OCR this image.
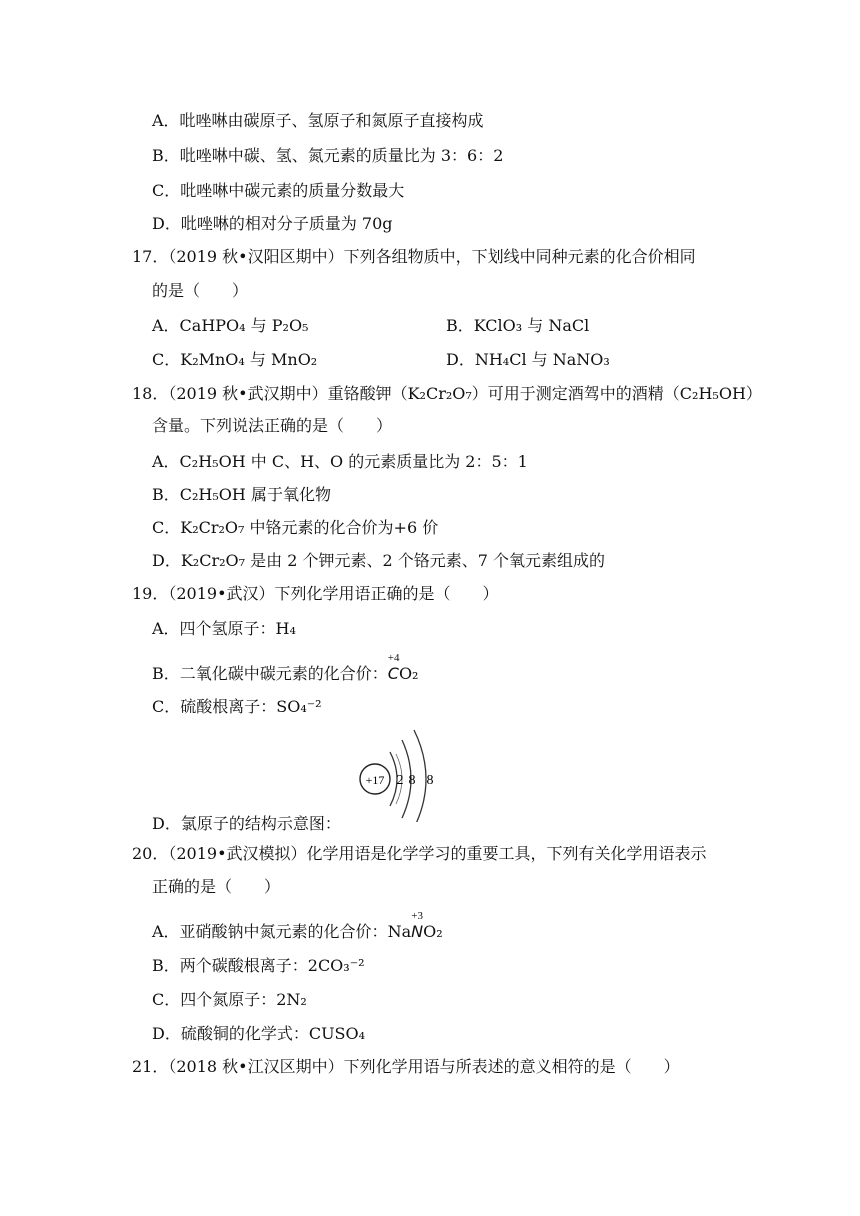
A．吡唑啉由碳原子、氢原子和氮原子直接构成
B．吡唑啉中碳、氢、氮元素的质量比为 3：6：2
C．吡唑啉中碳元素的质量分数最大
D．吡唑啉的相对分子质量为 70g
17．（2019 秋•汉阳区期中）下列各组物质中，下划线中同种元素的化合价相同
的是（　　）
A．CaHPO₄ 与 P₂O₅	B．KClO₃ 与 NaCl
C．K₂MnO₄ 与 MnO₂	D．NH₄Cl 与 NaNO₃
18．（2019 秋•武汉期中）重铬酸钾（K₂Cr₂O₇）可用于测定酒驾中的酒精（C₂H₅OH）
含量。下列说法正确的是（　　）
A．C₂H₅OH 中 C、H、O 的元素质量比为 2：5：1
B．C₂H₅OH 属于氧化物
C．K₂Cr₂O₇ 中铬元素的化合价为+6 价
D．K₂Cr₂O₇ 是由 2 个钾元素、2 个铬元素、7 个氧元素组成的
19．（2019•武汉）下列化学用语正确的是（　　）
A．四个氢原子：H₄
B．二氧化碳中碳元素的化合价：
+4
CO₂
C．硫酸根离子：SO₄⁻²
+17 2 8 8
D．氯原子的结构示意图：
20．（2019•武汉模拟）化学用语是化学学习的重要工具，下列有关化学用语表示
正确的是（　　）
A．亚硝酸钠中氮元素的化合价：Na
+3
NO₂
B．两个碳酸根离子：2CO₃⁻²
C．四个氮原子：2N₂
D．硫酸铜的化学式：CUSO₄
21．（2018 秋•江汉区期中）下列化学用语与所表述的意义相符的是（　　）
